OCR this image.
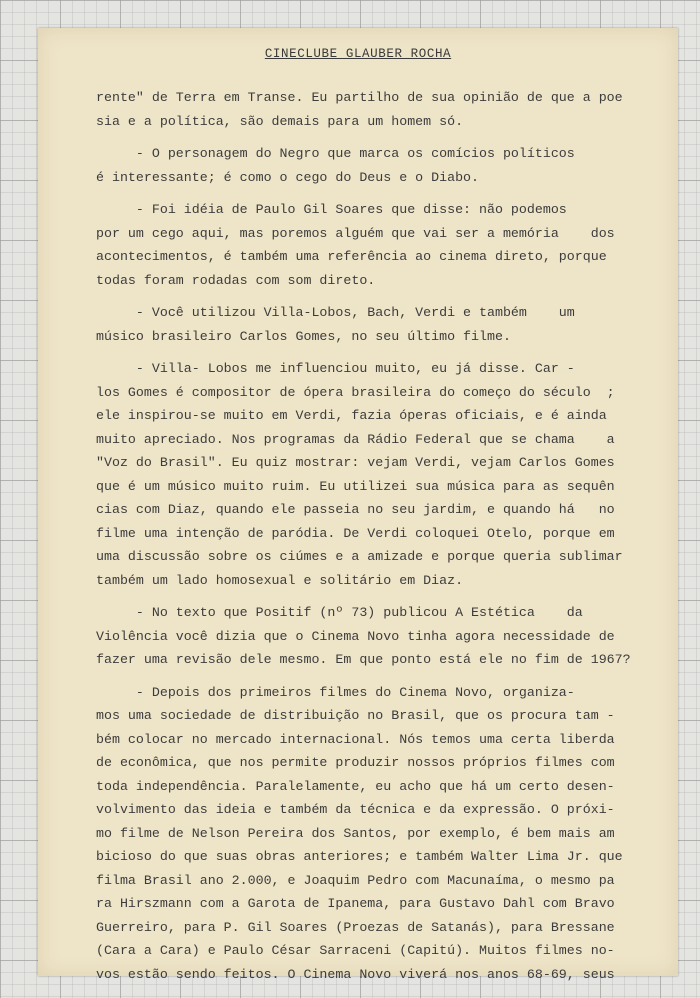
CINECLUBE GLAUBER ROCHA
rente" de Terra em Transe. Eu partilho de sua opinião de que a poe
sia e a política, são demais para um homem só.
- O personagem do Negro que marca os comícios políticos
é interessante; é como o cego do Deus e o Diabo.
- Foi idéia de Paulo Gil Soares que disse: não podemos
por um cego aqui, mas poremos alguém que vai ser a memória    dos
acontecimentos, é também uma referência ao cinema direto, porque
todas foram rodadas com som direto.
- Você utilizou Villa-Lobos, Bach, Verdi e também    um
músico brasileiro Carlos Gomes, no seu último filme.
- Villa- Lobos me influenciou muito, eu já disse. Car -
los Gomes é compositor de ópera brasileira do começo do século  ;
ele inspirou-se muito em Verdi, fazia óperas oficiais, e é ainda
muito apreciado. Nos programas da Rádio Federal que se chama    a
"Voz do Brasil". Eu quiz mostrar: vejam Verdi, vejam Carlos Gomes
que é um músico muito ruim. Eu utilizei sua música para as sequên
cias com Diaz, quando ele passeia no seu jardim, e quando há   no
filme uma intenção de paródia. De Verdi coloquei Otelo, porque em
uma discussão sobre os ciúmes e a amizade e porque queria sublimar
também um lado homosexual e solitário em Diaz.
- No texto que Positif (nº 73) publicou A Estética    da
Violência você dizia que o Cinema Novo tinha agora necessidade de
fazer uma revisão dele mesmo. Em que ponto está ele no fim de 1967?
- Depois dos primeiros filmes do Cinema Novo, organiza-
mos uma sociedade de distribuição no Brasil, que os procura tam -
bém colocar no mercado internacional. Nós temos uma certa liberda
de econômica, que nos permite produzir nossos próprios filmes com
toda independência. Paralelamente, eu acho que há um certo desen-
volvimento das ideia e também da técnica e da expressão. O próxi-
mo filme de Nelson Pereira dos Santos, por exemplo, é bem mais am
bicioso do que suas obras anteriores; e também Walter Lima Jr. que
filma Brasil ano 2.000, e Joaquim Pedro com Macunaíma, o mesmo pa
ra Hirszmann com a Garota de Ipanema, para Gustavo Dahl com Bravo
Guerreiro, para P. Gil Soares (Proezas de Satanás), para Bressane
(Cara a Cara) e Paulo César Sarraceni (Capitú). Muitos filmes no-
vos estão sendo feitos. O Cinema Novo viverá nos anos 68-69, seus
